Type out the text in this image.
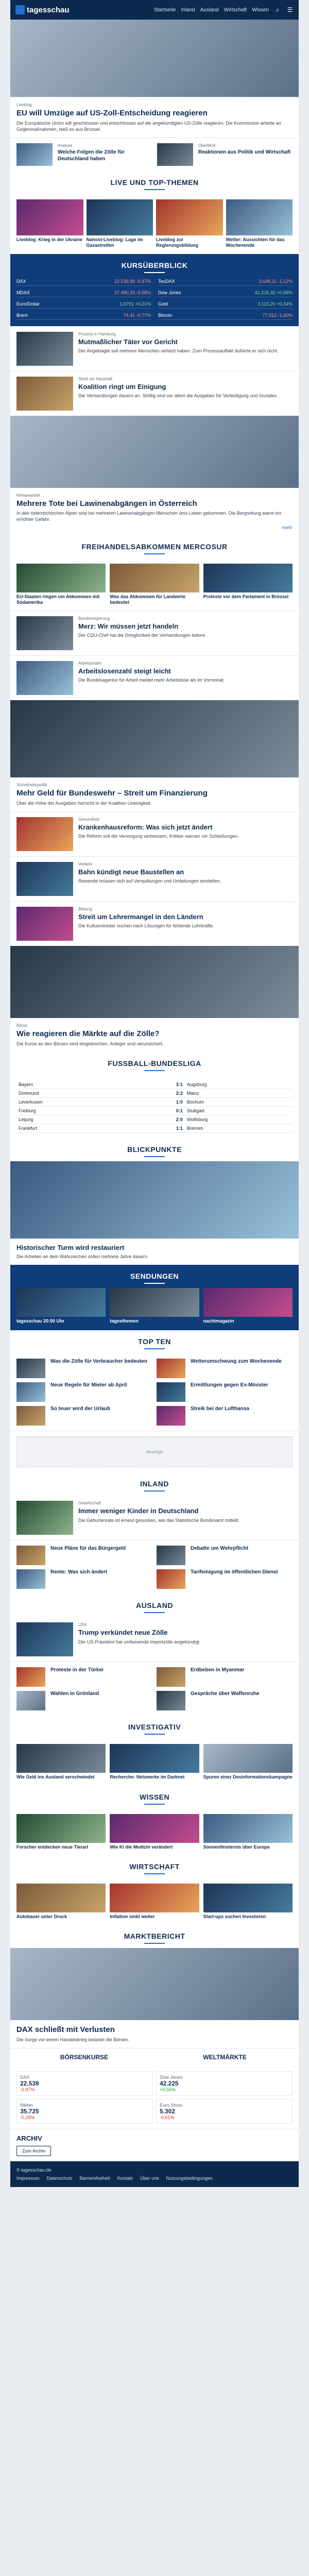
tagesschau	Startseite Inland Ausland Wirtschaft Wissen	⌕	☰
Liveblog
EU will Umzüge auf US-Zoll-Entscheidung reagieren
Die Europäische Union will geschlossen und entschlossen auf die angekündigten US-Zölle reagieren. Die Kommission arbeite an Gegenmaßnahmen, hieß es aus Brüssel.
Analyse
Welche Folgen die Zölle für Deutschland haben
Überblick
Reaktionen aus Politik und Wirtschaft
LIVE UND TOP-THEMEN
Liveblog: Krieg in der Ukraine Nahost-Liveblog: Lage im Gazastreifen
Liveblog zur Regierungsbildung
Wetter: Aussichten für das Wochenende
KURSÜBERBLICK
DAX	22.539,98 -0,97% TecDAX	3.648,11 -1,12%
MDAX	27.480,33 -0,58% Dow Jones	42.225,32 +0,56%
Euro/Dollar	1,0791 +0,21% Gold	3.115,20 +0,34%
Brent	74,41 -0,77% Bitcoin	77.912 -1,40%
Prozess in Hamburg
Mutmaßlicher Täter vor Gericht
Der Angeklagte soll mehrere Menschen verletzt haben. Zum Prozessauftakt äußerte er sich nicht.
Streit um Haushalt
Koalition ringt um Einigung
Die Verhandlungen dauern an. Strittig sind vor allem die Ausgaben für Verteidigung und Soziales.
Klimawandel
Mehrere Tote bei Lawinenabgängen in Österreich
In den österreichischen Alpen sind bei mehreren Lawinenabgängen Menschen ums Leben gekommen. Die Bergrettung warnt vor erhöhter Gefahr.
mehr
FREIHANDELSABKOMMEN MERCOSUR
EU-Staaten ringen um Abkommen mit Südamerika
Was das Abkommen für Landwirte bedeutet
Proteste vor dem Parlament in Brüssel
Bundesregierung
Merz: Wir müssen jetzt handeln
Der CDU-Chef hat die Dringlichkeit der Verhandlungen betont.
Arbeitsmarkt
Arbeitslosenzahl steigt leicht
Die Bundesagentur für Arbeit meldet mehr Arbeitslose als im Vormonat.
Sicherheitspolitik
Mehr Geld für Bundeswehr – Streit um Finanzierung
Über die Höhe der Ausgaben herrscht in der Koalition Uneinigkeit.
Gesundheit
Krankenhausreform: Was sich jetzt ändert
Die Reform soll die Versorgung verbessern, Kritiker warnen vor Schließungen.
Verkehr
Bahn kündigt neue Baustellen an
Reisende müssen sich auf Verspätungen und Umleitungen einstellen.
Bildung
Streit um Lehrermangel in den Ländern
Die Kultusminister suchen nach Lösungen für fehlende Lehrkräfte.
Börse
Wie reagieren die Märkte auf die Zölle?
Die Kurse an den Börsen sind eingebrochen. Anleger sind verunsichert.
FUSSBALL-BUNDESLIGA
Bayern	3:1	Augsburg
Dortmund	2:2	Mainz
Leverkusen	1:0	Bochum
Freiburg	0:1	Stuttgart
Leipzig	2:0	Wolfsburg
Frankfurt	1:1	Bremen
BLICKPUNKTE
Historischer Turm wird restauriert
Die Arbeiten an dem Wahrzeichen sollen mehrere Jahre dauern.
SENDUNGEN
tagesschau 20:00 Uhr	tagesthemen	nachtmagazin
TOP TEN
Was die Zölle für Verbraucher bedeuten	Wetterumschwung zum Wochenende
Neue Regeln für Mieter ab April	Ermittlungen gegen Ex-Minister
So teuer wird der Urlaub	Streik bei der Lufthansa
Anzeige
INLAND
Gesellschaft
Immer weniger Kinder in Deutschland
Die Geburtenrate ist erneut gesunken, wie das Statistische Bundesamt mitteilt.
Neue Pläne für das Bürgergeld	Debatte um Wehrpflicht
Rente: Was sich ändert	Tarifeinigung im öffentlichen Dienst
AUSLAND
USA
Trump verkündet neue Zölle
Der US-Präsident hat umfassende Importzölle angekündigt.
Proteste in der Türkei	Erdbeben in Myanmar
Wahlen in Grönland	Gespräche über Waffenruhe
INVESTIGATIV
Wie Geld ins Ausland verschwindet	Recherche: Netzwerke im Darknet	Spuren einer Desinformationskampagne
WISSEN
Forscher entdecken neue Tierart	Wie KI die Medizin verändert	Sonnenfinsternis über Europa
WIRTSCHAFT
Autobauer unter Druck	Inflation sinkt weiter	Start-ups suchen Investoren
MARKTBERICHT
DAX schließt mit Verlusten
Die Sorge vor einem Handelskrieg belastet die Börsen.
BÖRSENKURSE	WELTMÄRKTE
DAX
22.539
-0,97%
Dow Jones
42.225
+0,56%
Nikkei
35.725
-0,28%
Euro Stoxx
5.302
-0,61%
ARCHIV
Zum Archiv
© tagesschau.de
Impressum Datenschutz Barrierefreiheit Kontakt Über uns Nutzungsbedingungen
